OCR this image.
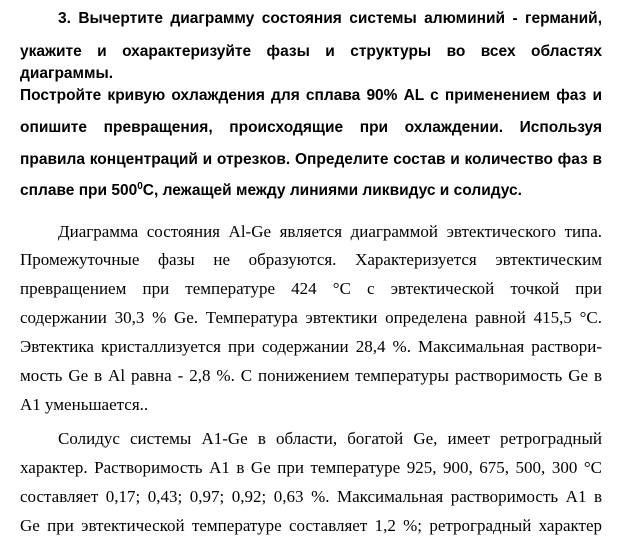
3. Вычертите диаграмму состояния системы алюминий - германий,
укажите и охарактеризуйте фазы и структуры во всех областях диаграммы.
Постройте кривую охлаждения для сплава 90% AL с применением фаз и
опишите превращения, происходящие при охлаждении. Используя
правила концентраций и отрезков. Определите состав и количество фаз в
сплаве при $500^0С$, лежащей между линиями ликвидус и солидус.
Диаграмма состояния Al-Ge является диаграммой эвтектического типа.
Промежуточные фазы не образуются. Характеризуется эвтектическим
превращением при температуре 424 °С с эвтектической точкой при
содержании 30,3 % Ge. Температура эвтектики определена равной 415,5 °С.
Эвтектика кристаллизуется при содержании 28,4 %. Максимальная раствори-
мость Ge в Al равна - 2,8 %. С понижением температуры растворимость Ge в
А1 уменьшается..
Солидус системы А1-Ge в области, богатой Ge, имеет ретроградный
характер. Растворимость А1 в Ge при температуре 925, 900, 675, 500, 300 °С
составляет 0,17; 0,43; 0,97; 0,92; 0,63 %. Максимальная растворимость А1 в
Ge при эвтектической температуре составляет 1,2 %; ретроградный характер
